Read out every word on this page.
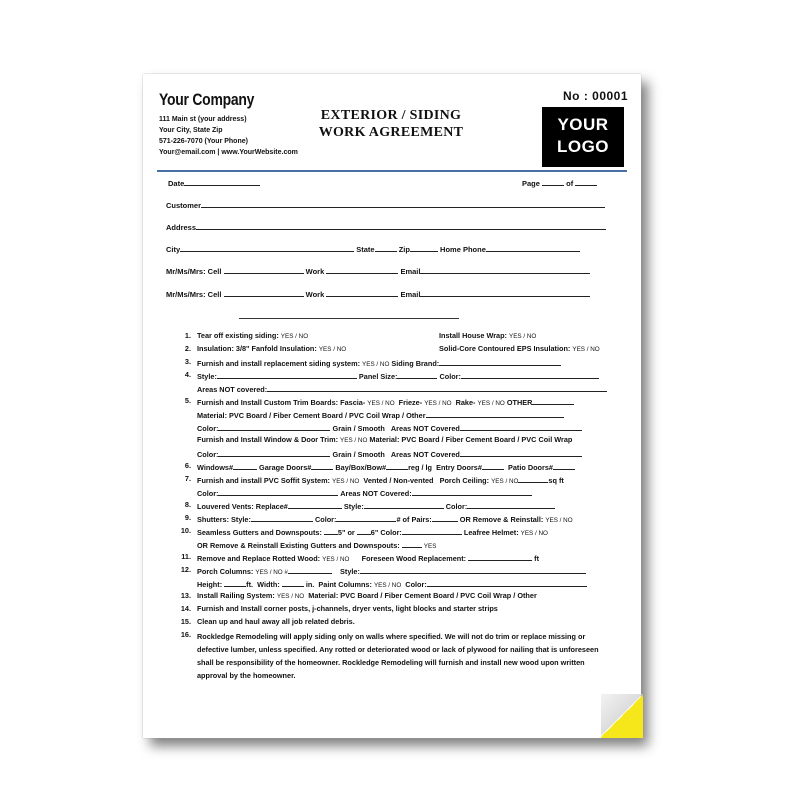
Your Company
111 Main st (your address)
Your City, State Zip
571-226-7070 (Your Phone)
Your@email.com | www.YourWebsite.com
EXTERIOR / SIDING
WORK AGREEMENT
No : 00001
YOUR
LOGO
Date	Page	of
Customer
Address
City	State	Zip	Home Phone
Mr/Ms/Mrs: Cell	Work	Email
Mr/Ms/Mrs: Cell	Work	Email
1. Tear off existing siding: YES / NO	Install House Wrap: YES / NO
2. Insulation: 3/8" Fanfold Insulation: YES / NO	Solid-Core Contoured EPS Insulation: YES / NO
3. Furnish and install replacement siding system: YES / NO Siding Brand:
4. Style:	Panel Size:	Color:
Areas NOT covered:
5. Furnish and Install Custom Trim Boards: Fascia- YES / NO Frieze- YES / NO Rake- YES / NO OTHER
Material: PVC Board / Fiber Cement Board / PVC Coil Wrap / Other
Color:	Grain / Smooth Areas NOT Covered
Furnish and Install Window & Door Trim: YES / NO Material: PVC Board / Fiber Cement Board / PVC Coil Wrap
Color:	Grain / Smooth Areas NOT Covered
6. Windows#	Garage Doors#	Bay/Box/Bow#	reg / lg Entry Doors#	Patio Doors#
7. Furnish and install PVC Soffit System: YES / NO Vented / Non-vented Porch Ceiling: YES / NO	sq ft
Color:	Areas NOT Covered:
8. Louvered Vents: Replace#	Style:	Color:
9. Shutters: Style:	Color:	# of Pairs:	OR Remove & Reinstall: YES / NO
10. Seamless Gutters and Downspouts: 5" or 6" Color:	Leafree Helmet: YES / NO
OR Remove & Reinstall Existing Gutters and Downspouts:	YES
11. Remove and Replace Rotted Wood: YES / NO Foreseen Wood Replacement:	ft
12. Porch Columns: YES / NO #	Style:
Height:	ft. Width:	in. Paint Columns: YES / NO Color:
13. Install Railing System: YES / NO Material: PVC Board / Fiber Cement Board / PVC Coil Wrap / Other
14. Furnish and Install corner posts, j-channels, dryer vents, light blocks and starter strips
15. Clean up and haul away all job related debris.
16. Rockledge Remodeling will apply siding only on walls where specified. We will not do trim or replace missing or defective lumber, unless specified. Any rotted or deteriorated wood or lack of plywood for nailing that is unforeseen shall be responsibility of the homeowner. Rockledge Remodeling will furnish and install new wood upon written approval by the homeowner.
